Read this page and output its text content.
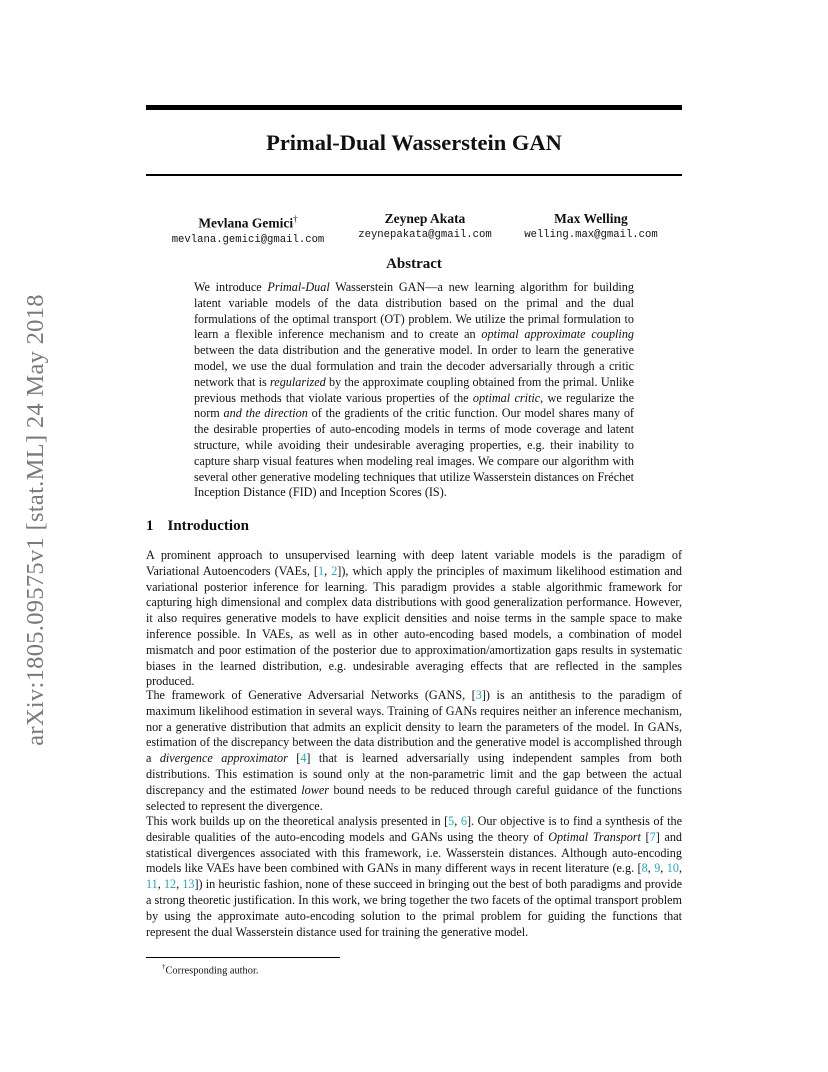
arXiv:1805.09575v1 [stat.ML] 24 May 2018
Primal-Dual Wasserstein GAN
Mevlana Gemici†
mevlana.gemici@gmail.com
Zeynep Akata
zeynepakata@gmail.com
Max Welling
welling.max@gmail.com
Abstract

We introduce Primal-Dual Wasserstein GAN—a new learning algorithm for building latent variable models of the data distribution based on the primal and the dual formulations of the optimal transport (OT) problem. We utilize the primal formulation to learn a flexible inference mechanism and to create an optimal approximate coupling between the data distribution and the generative model. In order to learn the generative model, we use the dual formulation and train the decoder adversarially through a critic network that is regularized by the approximate coupling obtained from the primal. Unlike previous methods that violate various properties of the optimal critic, we regularize the norm and the direction of the gradients of the critic function. Our model shares many of the desirable properties of auto-encoding models in terms of mode coverage and latent structure, while avoiding their undesirable averaging properties, e.g. their inability to capture sharp visual features when modeling real images. We compare our algorithm with several other generative modeling techniques that utilize Wasserstein distances on Fréchet Inception Distance (FID) and Inception Scores (IS).

1 Introduction

A prominent approach to unsupervised learning with deep latent variable models is the paradigm of Variational Autoencoders (VAEs, [1, 2]), which apply the principles of maximum likelihood estimation and variational posterior inference for learning. This paradigm provides a stable algorithmic framework for capturing high dimensional and complex data distributions with good generalization performance. However, it also requires generative models to have explicit densities and noise terms in the sample space to make inference possible. In VAEs, as well as in other auto-encoding based models, a combination of model mismatch and poor estimation of the posterior due to approximation/amortization gaps results in systematic biases in the learned distribution, e.g. undesirable averaging effects that are reflected in the samples produced.

The framework of Generative Adversarial Networks (GANS, [3]) is an antithesis to the paradigm of maximum likelihood estimation in several ways. Training of GANs requires neither an inference mechanism, nor a generative distribution that admits an explicit density to learn the parameters of the model. In GANs, estimation of the discrepancy between the data distribution and the generative model is accomplished through a divergence approximator [4] that is learned adversarially using independent samples from both distributions. This estimation is sound only at the non-parametric limit and the gap between the actual discrepancy and the estimated lower bound needs to be reduced through careful guidance of the functions selected to represent the divergence.

This work builds up on the theoretical analysis presented in [5, 6]. Our objective is to find a synthesis of the desirable qualities of the auto-encoding models and GANs using the theory of Optimal Transport [7] and statistical divergences associated with this framework, i.e. Wasserstein distances. Although auto-encoding models like VAEs have been combined with GANs in many different ways in recent literature (e.g. [8, 9, 10, 11, 12, 13]) in heuristic fashion, none of these succeed in bringing out the best of both paradigms and provide a strong theoretic justification. In this work, we bring together the two facets of the optimal transport problem by using the approximate auto-encoding solution to the primal problem for guiding the functions that represent the dual Wasserstein distance used for training the generative model.

†Corresponding author.
